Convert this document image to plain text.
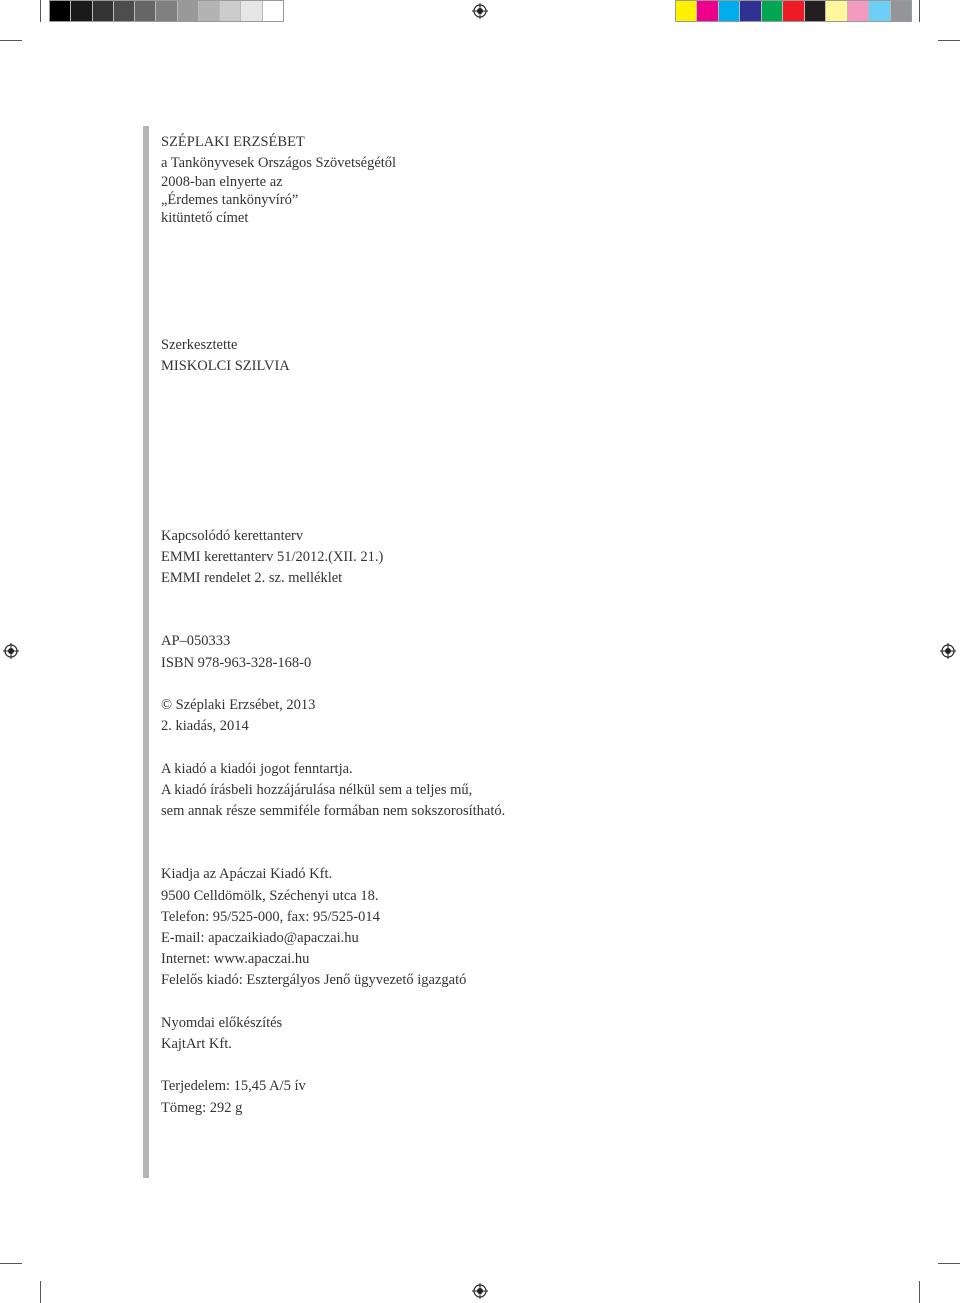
SZÉPLAKI ERZSÉBET
a Tankönyvesek Országos Szövetségétől
2008-ban elnyerte az
„Érdemes tankönyvíró”
kitüntető címet
Szerkesztette
MISKOLCI SZILVIA
Kapcsolódó kerettanterv
EMMI kerettanterv 51/2012.(XII. 21.)
EMMI rendelet 2. sz. melléklet
AP–050333
ISBN 978-963-328-168-0
© Széplaki Erzsébet, 2013
2. kiadás, 2014
A kiadó a kiadói jogot fenntartja.
A kiadó írásbeli hozzájárulása nélkül sem a teljes mű,
sem annak része semmiféle formában nem sokszorosítható.
Kiadja az Apáczai Kiadó Kft.
9500 Celldömölk, Széchenyi utca 18.
Telefon: 95/525-000, fax: 95/525-014
E-mail: apaczaikiado@apaczai.hu
Internet: www.apaczai.hu
Felelős kiadó: Esztergályos Jenő ügyvezető igazgató
Nyomdai előkészítés
KajtArt Kft.
Terjedelem: 15,45 A/5 ív
Tömeg: 292 g
